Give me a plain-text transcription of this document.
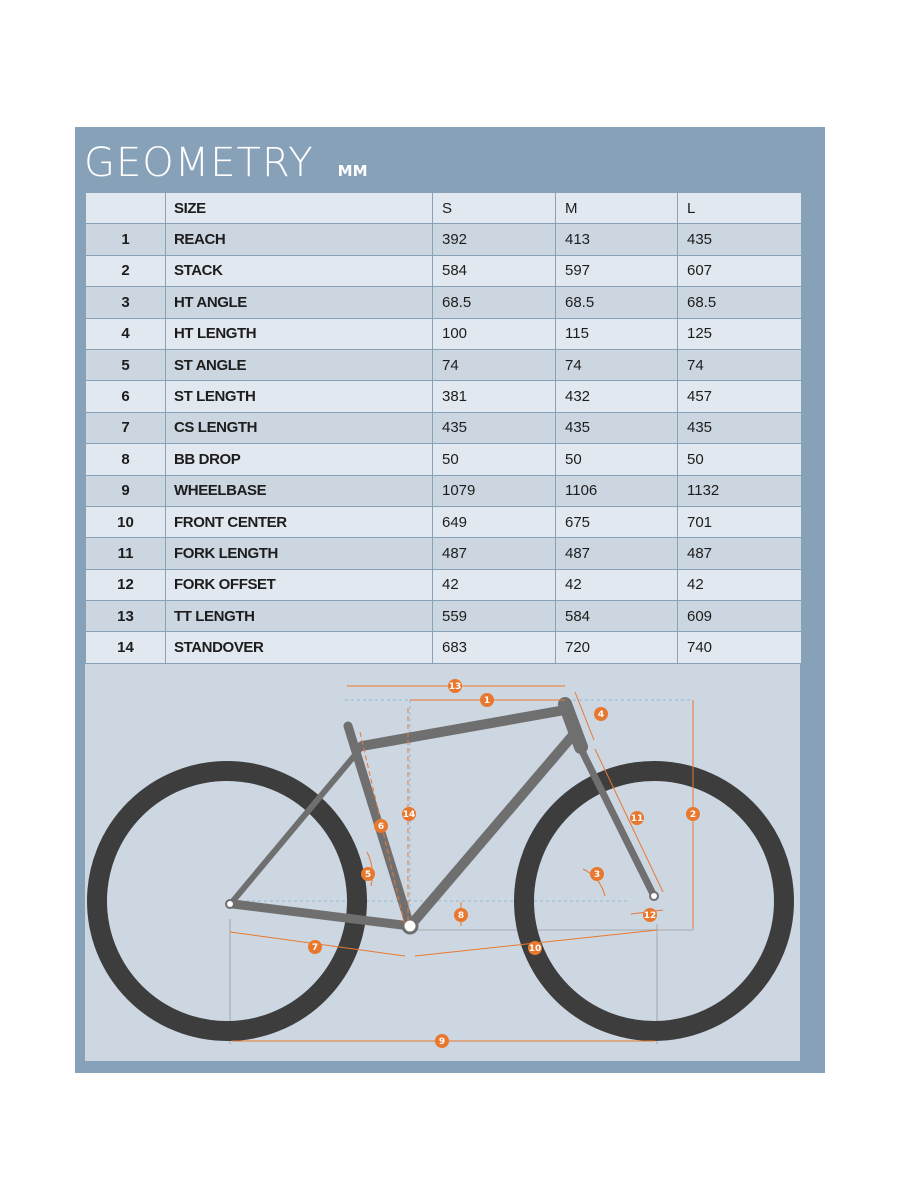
GEOMETRY MM
	SIZE	S	M	L
1	REACH	392	413	435
2	STACK	584	597	607
3	HT ANGLE	68.5	68.5	68.5
4	HT LENGTH	100	115	125
5	ST ANGLE	74	74	74
6	ST LENGTH	381	432	457
7	CS LENGTH	435	435	435
8	BB DROP	50	50	50
9	WHEELBASE	1079	1106	1132
10	FRONT CENTER	649	675	701
11	FORK LENGTH	487	487	487
12	FORK OFFSET	42	42	42
13	TT LENGTH	559	584	609
14	STANDOVER	683	720	740
13
1
4
2
14
6
11
5	3
8	12
7	10
9
